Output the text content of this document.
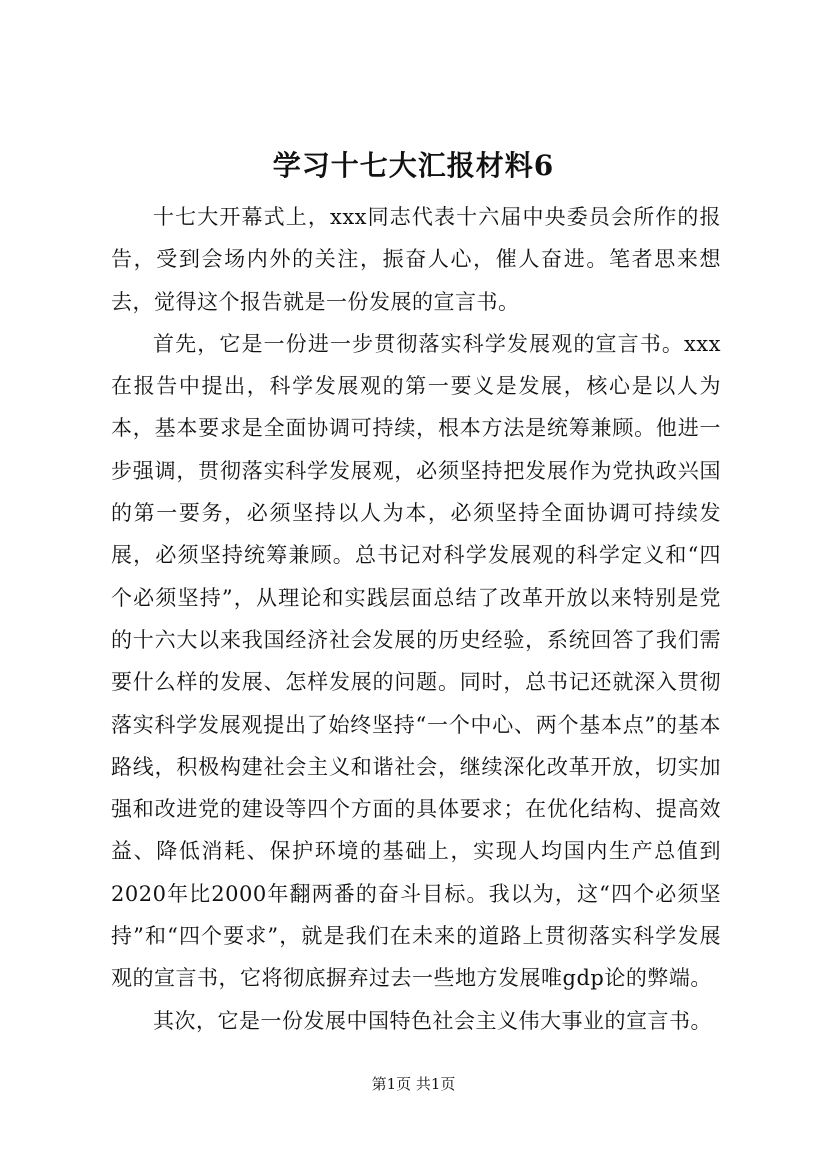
学习十七大汇报材料6

十七大开幕式上，xxx同志代表十六届中央委员会所作的报告，受到会场内外的关注，振奋人心，催人奋进。笔者思来想去，觉得这个报告就是一份发展的宣言书。

首先，它是一份进一步贯彻落实科学发展观的宣言书。xxx在报告中提出，科学发展观的第一要义是发展，核心是以人为本，基本要求是全面协调可持续，根本方法是统筹兼顾。他进一步强调，贯彻落实科学发展观，必须坚持把发展作为党执政兴国的第一要务，必须坚持以人为本，必须坚持全面协调可持续发展，必须坚持统筹兼顾。总书记对科学发展观的科学定义和“四个必须坚持”，从理论和实践层面总结了改革开放以来特别是党的十六大以来我国经济社会发展的历史经验，系统回答了我们需要什么样的发展、怎样发展的问题。同时，总书记还就深入贯彻落实科学发展观提出了始终坚持“一个中心、两个基本点”的基本路线，积极构建社会主义和谐社会，继续深化改革开放，切实加强和改进党的建设等四个方面的具体要求；在优化结构、提高效益、降低消耗、保护环境的基础上，实现人均国内生产总值到2020年比2000年翻两番的奋斗目标。我以为，这“四个必须坚持”和“四个要求”，就是我们在未来的道路上贯彻落实科学发展观的宣言书，它将彻底摒弃过去一些地方发展唯gdp论的弊端。

其次，它是一份发展中国特色社会主义伟大事业的宣言书。

第1页 共1页
